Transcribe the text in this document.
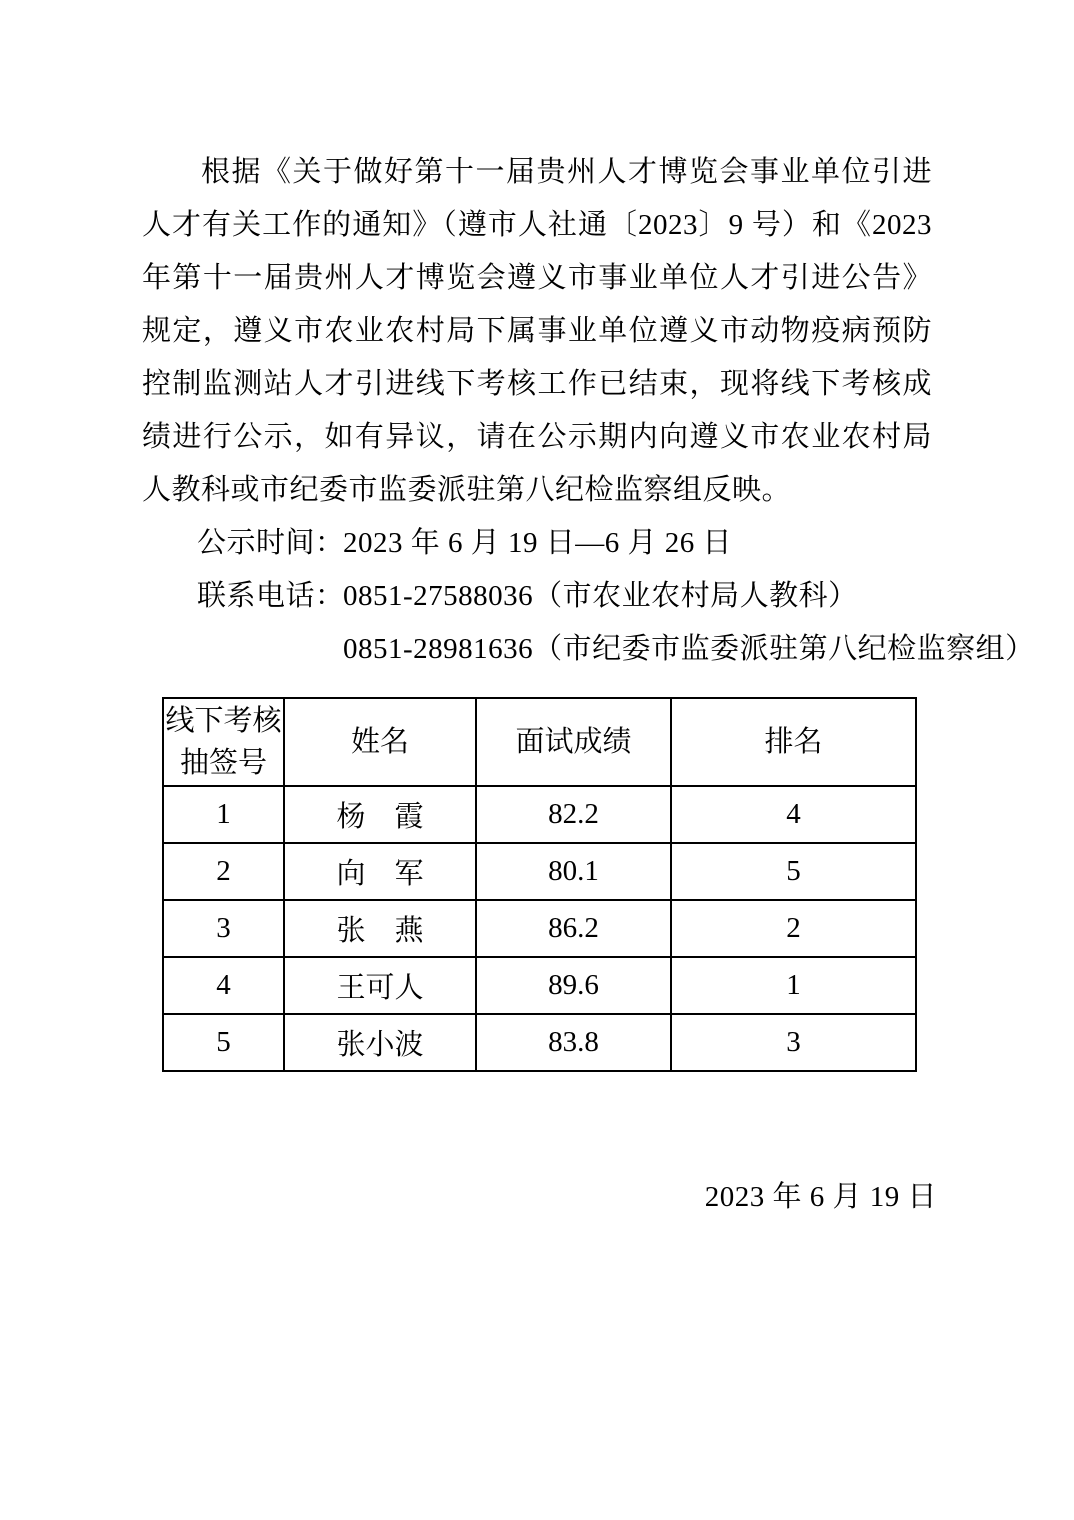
根据《关于做好第十一届贵州人才博览会事业单位引进人才有关工作的通知》（遵市人社通〔2023〕9 号）和《2023 年第十一届贵州人才博览会遵义市事业单位人才引进公告》规定，遵义市农业农村局下属事业单位遵义市动物疫病预防控制监测站人才引进线下考核工作已结束，现将线下考核成绩进行公示，如有异议，请在公示期内向遵义市农业农村局人教科或市纪委市监委派驻第八纪检监察组反映。

公示时间：2023 年 6 月 19 日—6 月 26 日
联系电话：0851-27588036（市农业农村局人教科）
0851-28981636（市纪委市监委派驻第八纪检监察组）
线下考核抽签号	姓名	面试成绩	排名
1	杨　霞	82.2	4
2	向　军	80.1	5
3	张　燕	86.2	2
4	王可人	89.6	1
5	张小波	83.8	3
2023 年 6 月 19 日
